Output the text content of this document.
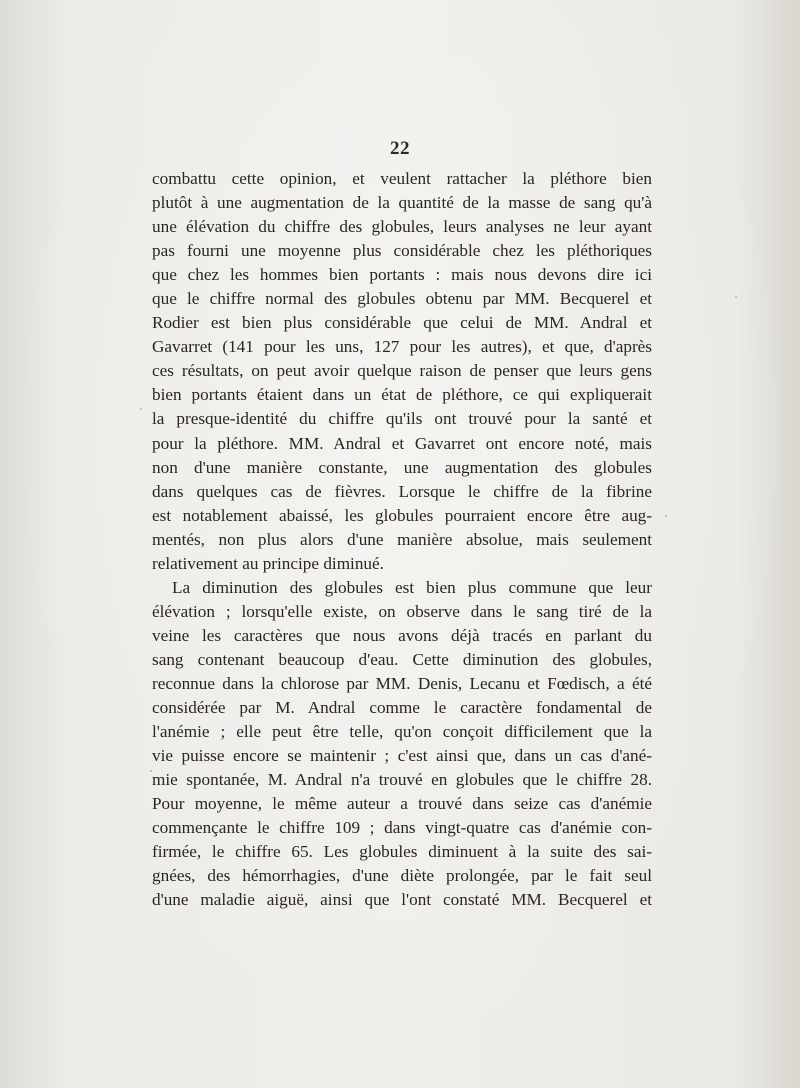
22
combattu cette opinion, et veulent rattacher la pléthore bien
plutôt à une augmentation de la quantité de la masse de sang qu'à
une élévation du chiffre des globules, leurs analyses ne leur ayant
pas fourni une moyenne plus considérable chez les pléthoriques
que chez les hommes bien portants : mais nous devons dire ici
que le chiffre normal des globules obtenu par MM. Becquerel et
Rodier est bien plus considérable que celui de MM. Andral et
Gavarret (141 pour les uns, 127 pour les autres), et que, d'après
ces résultats, on peut avoir quelque raison de penser que leurs gens
bien portants étaient dans un état de pléthore, ce qui expliquerait
la presque-identité du chiffre qu'ils ont trouvé pour la santé et
pour la pléthore. MM. Andral et Gavarret ont encore noté, mais
non d'une manière constante, une augmentation des globules
dans quelques cas de fièvres. Lorsque le chiffre de la fibrine
est notablement abaissé, les globules pourraient encore être aug-
mentés, non plus alors d'une manière absolue, mais seulement
relativement au principe diminué.
La diminution des globules est bien plus commune que leur
élévation ; lorsqu'elle existe, on observe dans le sang tiré de la
veine les caractères que nous avons déjà tracés en parlant du
sang contenant beaucoup d'eau. Cette diminution des globules,
reconnue dans la chlorose par MM. Denis, Lecanu et Fœdisch, a été
considérée par M. Andral comme le caractère fondamental de
l'anémie ; elle peut être telle, qu'on conçoit difficilement que la
vie puisse encore se maintenir ; c'est ainsi que, dans un cas d'ané-
mie spontanée, M. Andral n'a trouvé en globules que le chiffre 28.
Pour moyenne, le même auteur a trouvé dans seize cas d'anémie
commençante le chiffre 109 ; dans vingt-quatre cas d'anémie con-
firmée, le chiffre 65. Les globules diminuent à la suite des sai-
gnées, des hémorrhagies, d'une diète prolongée, par le fait seul
d'une maladie aiguë, ainsi que l'ont constaté MM. Becquerel et
